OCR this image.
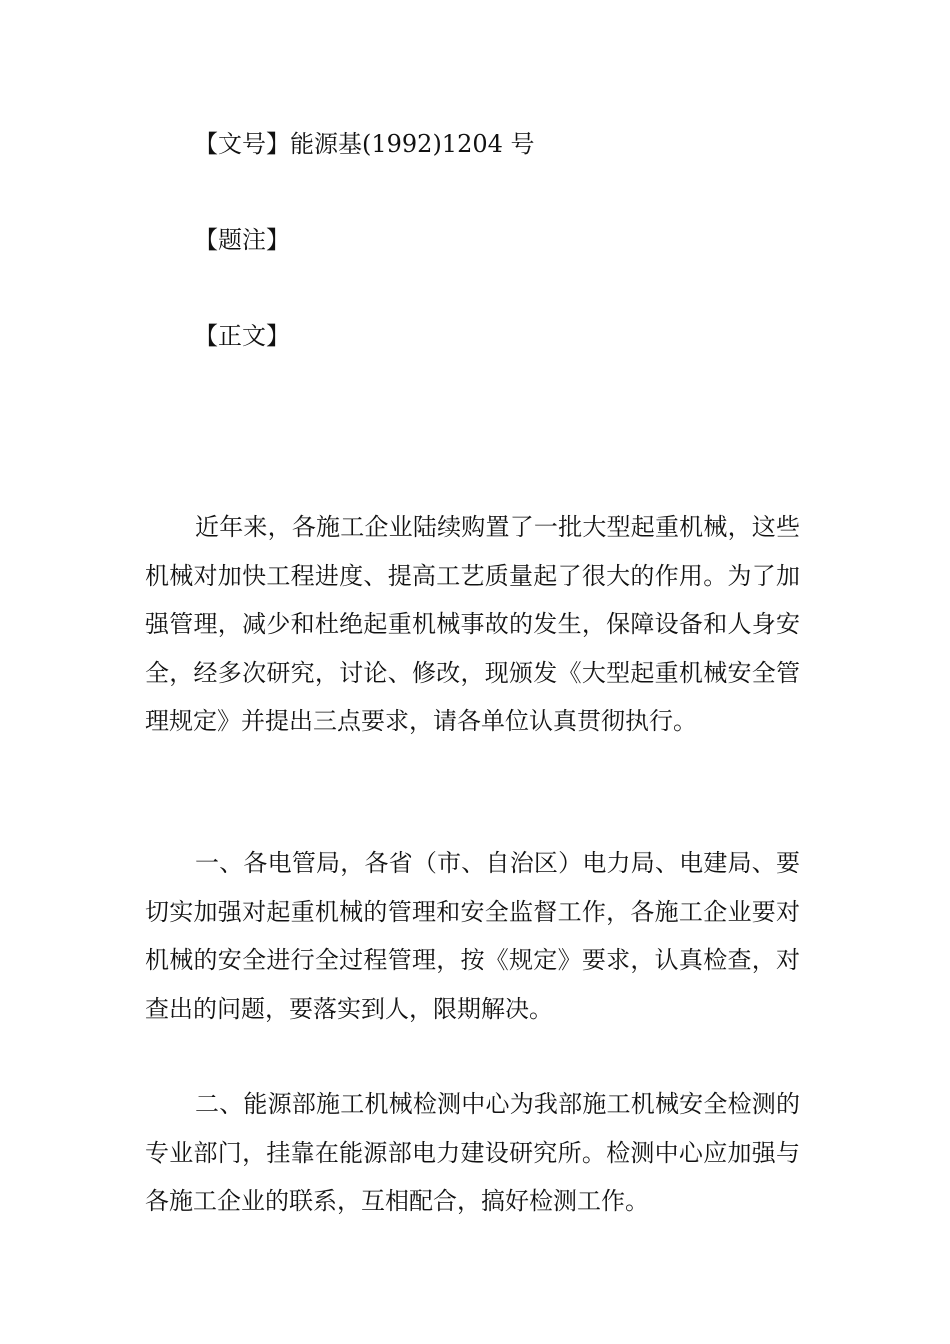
【文号】能源基(1992)1204 号
【题注】
【正文】

近年来，各施工企业陆续购置了一批大型起重机械，这些机械对加快工程进度、提高工艺质量起了很大的作用。为了加强管理，减少和杜绝起重机械事故的发生，保障设备和人身安全，经多次研究，讨论、修改，现颁发《大型起重机械安全管理规定》并提出三点要求，请各单位认真贯彻执行。

一、各电管局，各省（市、自治区）电力局、电建局、要切实加强对起重机械的管理和安全监督工作，各施工企业要对机械的安全进行全过程管理，按《规定》要求，认真检查，对查出的问题，要落实到人，限期解决。

二、能源部施工机械检测中心为我部施工机械安全检测的专业部门，挂靠在能源部电力建设研究所。检测中心应加强与各施工企业的联系，互相配合，搞好检测工作。
